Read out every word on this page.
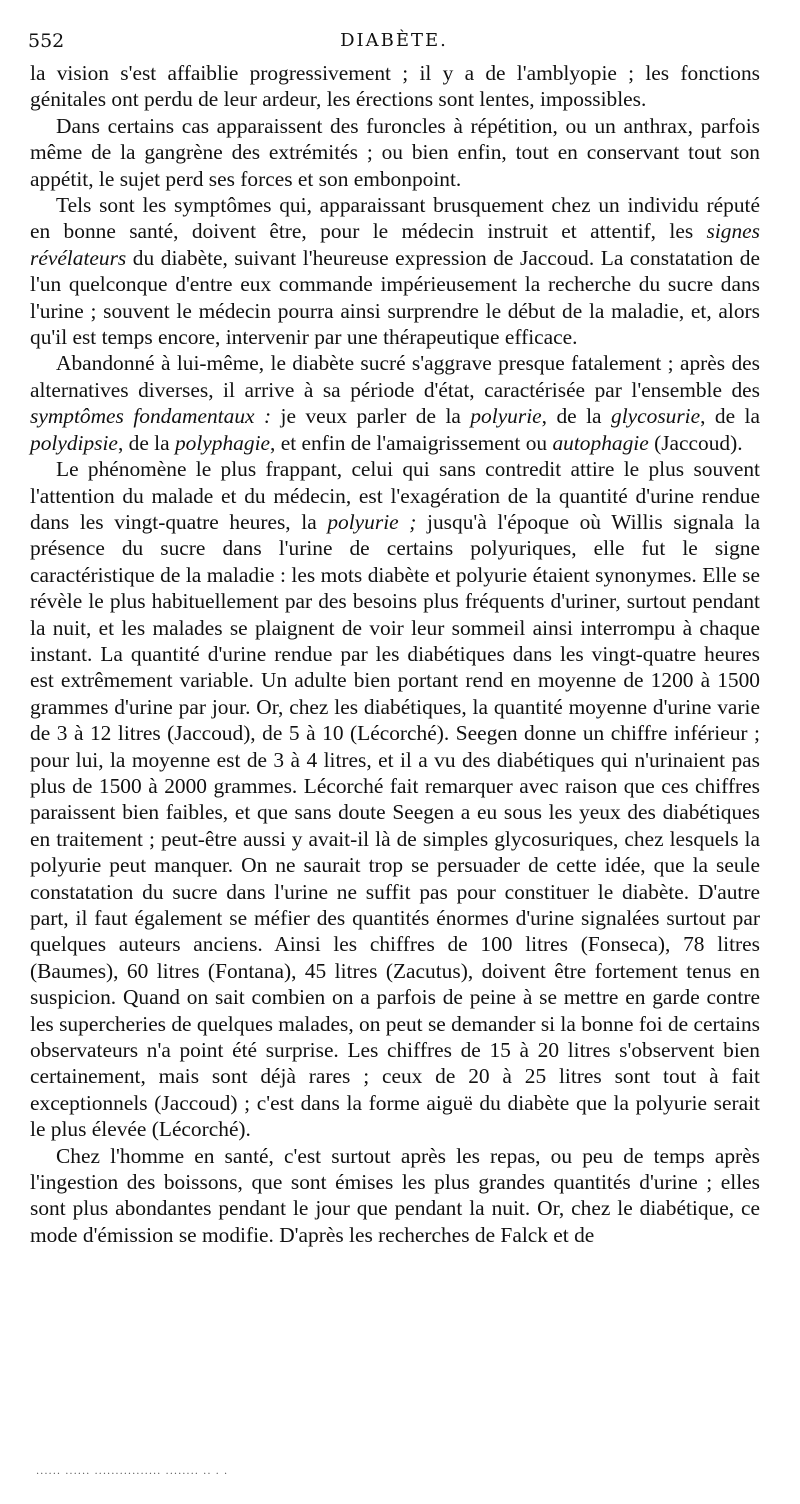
552	DIABÈTE.

la vision s'est affaiblie progressivement ; il y a de l'amblyopie ; les fonctions génitales ont perdu de leur ardeur, les érections sont lentes, impossibles.

Dans certains cas apparaissent des furoncles à répétition, ou un anthrax, parfois même de la gangrène des extrémités ; ou bien enfin, tout en conservant tout son appétit, le sujet perd ses forces et son embonpoint.

Tels sont les symptômes qui, apparaissant brusquement chez un individu réputé en bonne santé, doivent être, pour le médecin instruit et attentif, les signes révélateurs du diabète, suivant l'heureuse expression de Jaccoud. La constatation de l'un quelconque d'entre eux commande impérieusement la recherche du sucre dans l'urine ; souvent le médecin pourra ainsi surprendre le début de la maladie, et, alors qu'il est temps encore, intervenir par une thérapeutique efficace.

Abandonné à lui-même, le diabète sucré s'aggrave presque fatalement ; après des alternatives diverses, il arrive à sa période d'état, caractérisée par l'ensemble des symptômes fondamentaux : je veux parler de la polyurie, de la glycosurie, de la polydipsie, de la polyphagie, et enfin de l'amaigrissement ou autophagie (Jaccoud).

Le phénomène le plus frappant, celui qui sans contredit attire le plus souvent l'attention du malade et du médecin, est l'exagération de la quantité d'urine rendue dans les vingt-quatre heures, la polyurie ; jusqu'à l'époque où Willis signala la présence du sucre dans l'urine de certains polyuriques, elle fut le signe caractéristique de la maladie : les mots diabète et polyurie étaient synonymes. Elle se révèle le plus habituellement par des besoins plus fréquents d'uriner, surtout pendant la nuit, et les malades se plaignent de voir leur sommeil ainsi interrompu à chaque instant. La quantité d'urine rendue par les diabétiques dans les vingt-quatre heures est extrêmement variable. Un adulte bien portant rend en moyenne de 1200 à 1500 grammes d'urine par jour. Or, chez les diabétiques, la quantité moyenne d'urine varie de 3 à 12 litres (Jaccoud), de 5 à 10 (Lécorché). Seegen donne un chiffre inférieur ; pour lui, la moyenne est de 3 à 4 litres, et il a vu des diabétiques qui n'urinaient pas plus de 1500 à 2000 grammes. Lécorché fait remarquer avec raison que ces chiffres paraissent bien faibles, et que sans doute Seegen a eu sous les yeux des diabétiques en traitement ; peut-être aussi y avait-il là de simples glycosuriques, chez lesquels la polyurie peut manquer. On ne saurait trop se persuader de cette idée, que la seule constatation du sucre dans l'urine ne suffit pas pour constituer le diabète. D'autre part, il faut également se méfier des quantités énormes d'urine signalées surtout par quelques auteurs anciens. Ainsi les chiffres de 100 litres (Fonseca), 78 litres (Baumes), 60 litres (Fontana), 45 litres (Zacutus), doivent être fortement tenus en suspicion. Quand on sait combien on a parfois de peine à se mettre en garde contre les supercheries de quelques malades, on peut se demander si la bonne foi de certains observateurs n'a point été surprise. Les chiffres de 15 à 20 litres s'observent bien certainement, mais sont déjà rares ; ceux de 20 à 25 litres sont tout à fait exceptionnels (Jaccoud) ; c'est dans la forme aiguë du diabète que la polyurie serait le plus élevée (Lécorché).

Chez l'homme en santé, c'est surtout après les repas, ou peu de temps après l'ingestion des boissons, que sont émises les plus grandes quantités d'urine ; elles sont plus abondantes pendant le jour que pendant la nuit. Or, chez le diabétique, ce mode d'émission se modifie. D'après les recherches de Falck et de

...... ...... ................ ........ .. . .
